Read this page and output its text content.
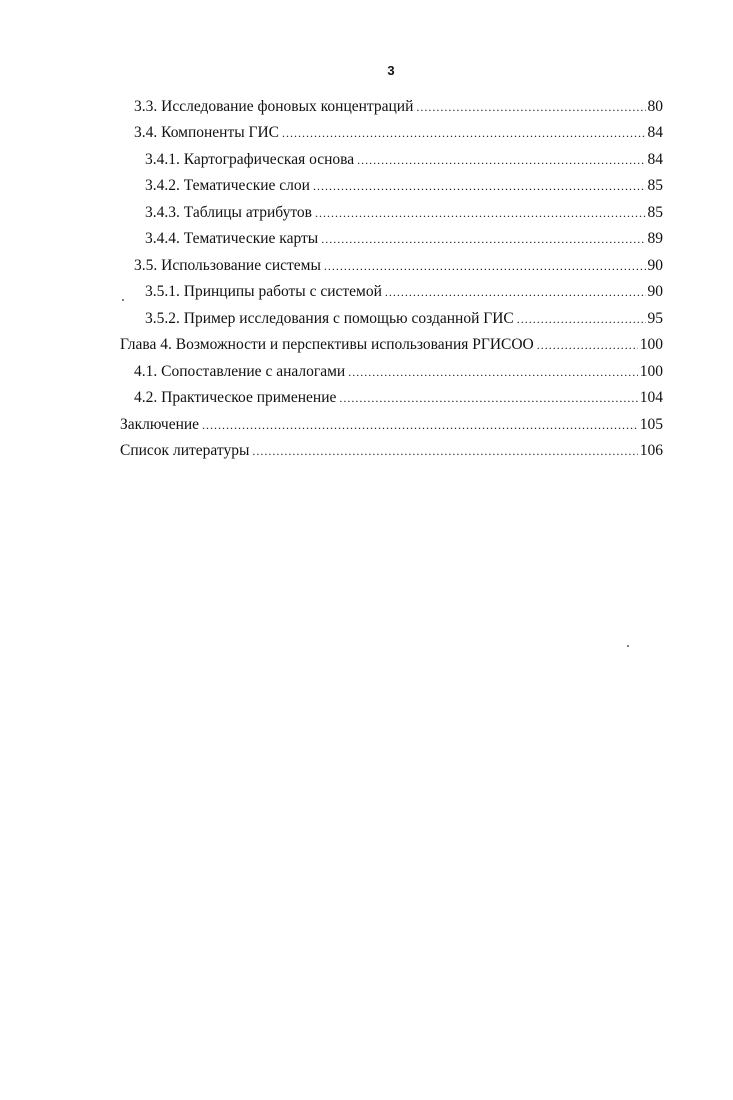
3
3.3. Исследование фоновых концентраций .....	80
3.4. Компоненты ГИС .....	84
3.4.1. Картографическая основа .....	84
3.4.2. Тематические слои .....	85
3.4.3. Таблицы атрибутов .....	85
3.4.4. Тематические карты .....	89
3.5. Использование системы .....	90
3.5.1. Принципы работы с системой .....	90
3.5.2. Пример исследования с помощью созданной ГИС .....	95
Глава 4. Возможности и перспективы использования РГИСОО .....	100
4.1. Сопоставление с аналогами .....	100
4.2. Практическое применение .....	104
Заключение .....	105
Список литературы .....	106
